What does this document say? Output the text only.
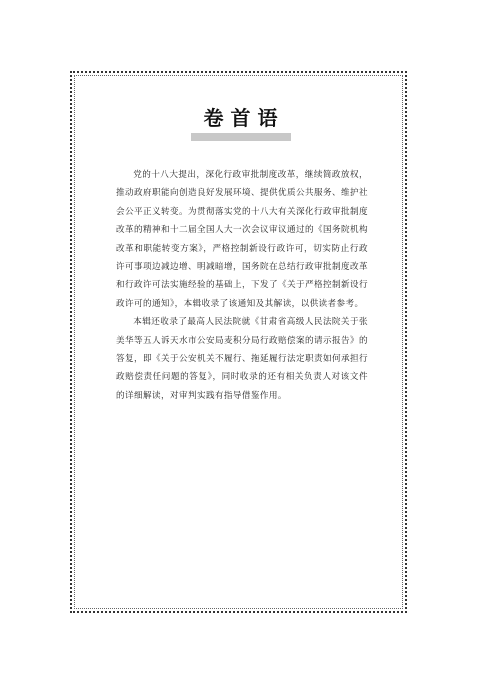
卷首语

党的十八大提出，深化行政审批制度改革，继续简政放权，推动政府职能向创造良好发展环境、提供优质公共服务、维护社会公平正义转变。为贯彻落实党的十八大有关深化行政审批制度改革的精神和十二届全国人大一次会议审议通过的《国务院机构改革和职能转变方案》，严格控制新设行政许可，切实防止行政许可事项边减边增、明减暗增，国务院在总结行政审批制度改革和行政许可法实施经验的基础上，下发了《关于严格控制新设行政许可的通知》，本辑收录了该通知及其解读，以供读者参考。

本辑还收录了最高人民法院就《甘肃省高级人民法院关于张美华等五人诉天水市公安局麦积分局行政赔偿案的请示报告》的答复，即《关于公安机关不履行、拖延履行法定职责如何承担行政赔偿责任问题的答复》，同时收录的还有相关负责人对该文件的详细解读，对审判实践有指导借鉴作用。
